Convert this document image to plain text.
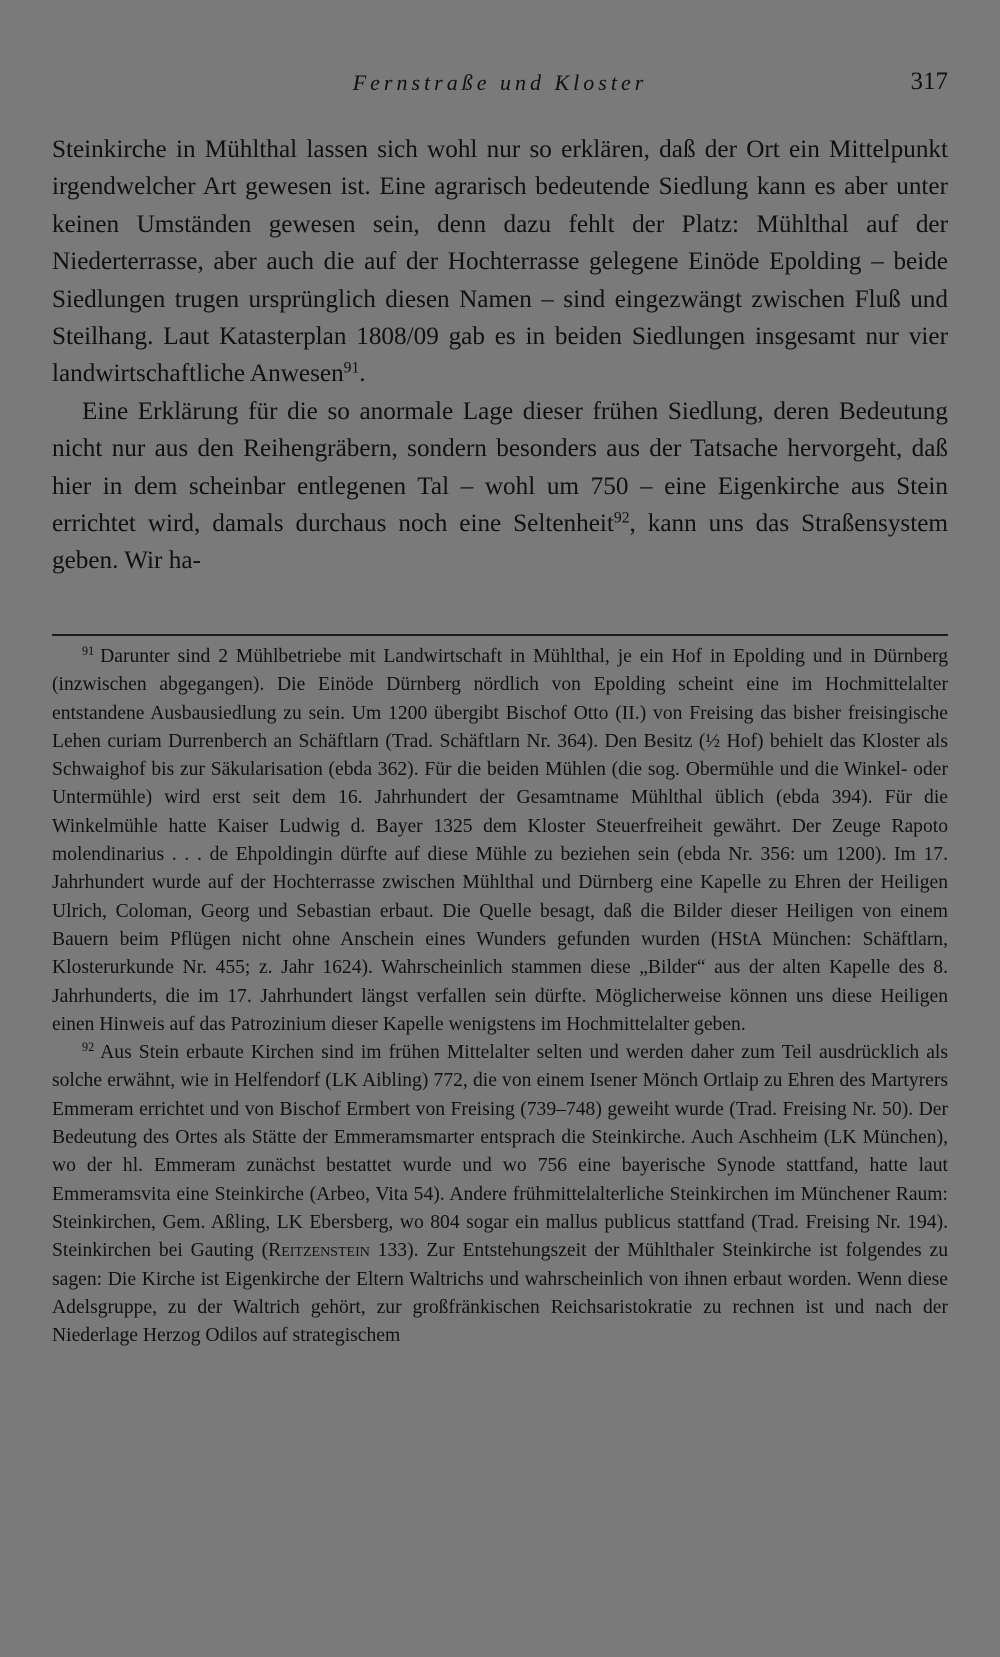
Fernstraße und Kloster	317

Steinkirche in Mühlthal lassen sich wohl nur so erklären, daß der Ort ein Mittelpunkt irgendwelcher Art gewesen ist. Eine agrarisch bedeutende Siedlung kann es aber unter keinen Umständen gewesen sein, denn dazu fehlt der Platz: Mühlthal auf der Niederterrasse, aber auch die auf der Hochterrasse gelegene Einöde Epolding – beide Siedlungen trugen ursprünglich diesen Namen – sind eingezwängt zwischen Fluß und Steilhang. Laut Katasterplan 1808/09 gab es in beiden Siedlungen insgesamt nur vier landwirtschaftliche Anwesen$^{91}$.

Eine Erklärung für die so anormale Lage dieser frühen Siedlung, deren Bedeutung nicht nur aus den Reihengräbern, sondern besonders aus der Tatsache hervorgeht, daß hier in dem scheinbar entlegenen Tal – wohl um 750 – eine Eigenkirche aus Stein errichtet wird, damals durchaus noch eine Seltenheit$^{92}$, kann uns das Straßensystem geben. Wir ha-

$^{91}$ Darunter sind 2 Mühlbetriebe mit Landwirtschaft in Mühlthal, je ein Hof in Epolding und in Dürnberg (inzwischen abgegangen). Die Einöde Dürnberg nördlich von Epolding scheint eine im Hochmittelalter entstandene Ausbausiedlung zu sein. Um 1200 übergibt Bischof Otto (II.) von Freising das bisher freisingische Lehen curiam Durrenberch an Schäftlarn (Trad. Schäftlarn Nr. 364). Den Besitz (½ Hof) behielt das Kloster als Schwaighof bis zur Säkularisation (ebda 362). Für die beiden Mühlen (die sog. Obermühle und die Winkel- oder Untermühle) wird erst seit dem 16. Jahrhundert der Gesamtname Mühlthal üblich (ebda 394). Für die Winkelmühle hatte Kaiser Ludwig d. Bayer 1325 dem Kloster Steuerfreiheit gewährt. Der Zeuge Rapoto molendinarius . . . de Ehpoldingin dürfte auf diese Mühle zu beziehen sein (ebda Nr. 356: um 1200). Im 17. Jahrhundert wurde auf der Hochterrasse zwischen Mühlthal und Dürnberg eine Kapelle zu Ehren der Heiligen Ulrich, Coloman, Georg und Sebastian erbaut. Die Quelle besagt, daß die Bilder dieser Heiligen von einem Bauern beim Pflügen nicht ohne Anschein eines Wunders gefunden wurden (HStA München: Schäftlarn, Klosterurkunde Nr. 455; z. Jahr 1624). Wahrscheinlich stammen diese „Bilder“ aus der alten Kapelle des 8. Jahrhunderts, die im 17. Jahrhundert längst verfallen sein dürfte. Möglicherweise können uns diese Heiligen einen Hinweis auf das Patrozinium dieser Kapelle wenigstens im Hochmittelalter geben.

$^{92}$ Aus Stein erbaute Kirchen sind im frühen Mittelalter selten und werden daher zum Teil ausdrücklich als solche erwähnt, wie in Helfendorf (LK Aibling) 772, die von einem Isener Mönch Ortlaip zu Ehren des Martyrers Emmeram errichtet und von Bischof Ermbert von Freising (739–748) geweiht wurde (Trad. Freising Nr. 50). Der Bedeutung des Ortes als Stätte der Emmeramsmarter entsprach die Steinkirche. Auch Aschheim (LK München), wo der hl. Emmeram zunächst bestattet wurde und wo 756 eine bayerische Synode stattfand, hatte laut Emmeramsvita eine Steinkirche (Arbeo, Vita 54). Andere frühmittelalterliche Steinkirchen im Münchener Raum: Steinkirchen, Gem. Aßling, LK Ebersberg, wo 804 sogar ein mallus publicus stattfand (Trad. Freising Nr. 194). Steinkirchen bei Gauting (Reitzenstein 133). Zur Entstehungszeit der Mühlthaler Steinkirche ist folgendes zu sagen: Die Kirche ist Eigenkirche der Eltern Waltrichs und wahrscheinlich von ihnen erbaut worden. Wenn diese Adelsgruppe, zu der Waltrich gehört, zur großfränkischen Reichsaristokratie zu rechnen ist und nach der Niederlage Herzog Odilos auf strategischem
